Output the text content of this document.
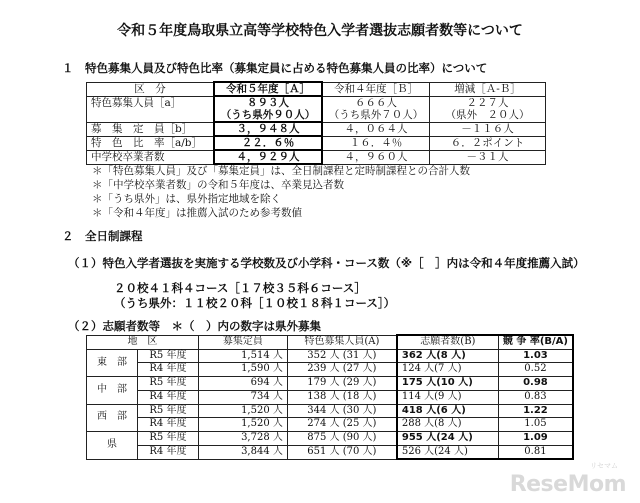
令和５年度鳥取県立高等学校特色入学者選抜志願者数等について
１　特色募集人員及び特色比率（募集定員に占める特色募集人員の比率）について
区　分	令和５年度［Ａ］	令和４年度［Ｂ］	増減［Ａ-Ｂ］
特色募集人員［a］	８９３人	６６６人	２２７人
	（うち県外９０人）	（うち県外７０人）	（県外　２０人）
募　集　定　員［b］	３，９４８人	４，０６４人	－１１６人
特　色　比　率［a/b］	２２．６％	１６．４％	６．２ポイント
中学校卒業者数	４，９２９人	４，９６０人	－３１人
＊「特色募集人員」及び「募集定員」は、全日制課程と定時制課程との合計人数
＊「中学校卒業者数」の令和５年度は、卒業見込者数
＊「うち県外」は、県外指定地域を除く
＊「令和４年度」は推薦入試のため参考数値
２　全日制課程
（１）特色入学者選抜を実施する学校数及び小学科・コース数（※［　］内は令和４年度推薦入試）
２０校４１科４コース［１７校３５科６コース］
（うち県外：１１校２０科［１０校１８科１コース］）
（２）志願者数等　＊（　）内の数字は県外募集
地　区		募集定員	特色募集人員(A)	志願者数(B)	競 争 率(B/A)
東　部	R5 年度	1,514 人	352 人 (31 人)	362 人(8 人)	1.03
	R4 年度	1,590 人	239 人 (27 人)	124 人(7 人)	0.52
中　部	R5 年度	694 人	179 人 (29 人)	175 人(10 人)	0.98
	R4 年度	734 人	138 人 (18 人)	114 人(9 人)	0.83
西　部	R5 年度	1,520 人	344 人 (30 人)	418 人(6 人)	1.22
	R4 年度	1,520 人	274 人 (25 人)	288 人(8 人)	1.05
県	R5 年度	3,728 人	875 人 (90 人)	955 人(24 人)	1.09
	R4 年度	3,844 人	651 人 (70 人)	526 人(24 人)	0.81
リセマム
ReseMom
